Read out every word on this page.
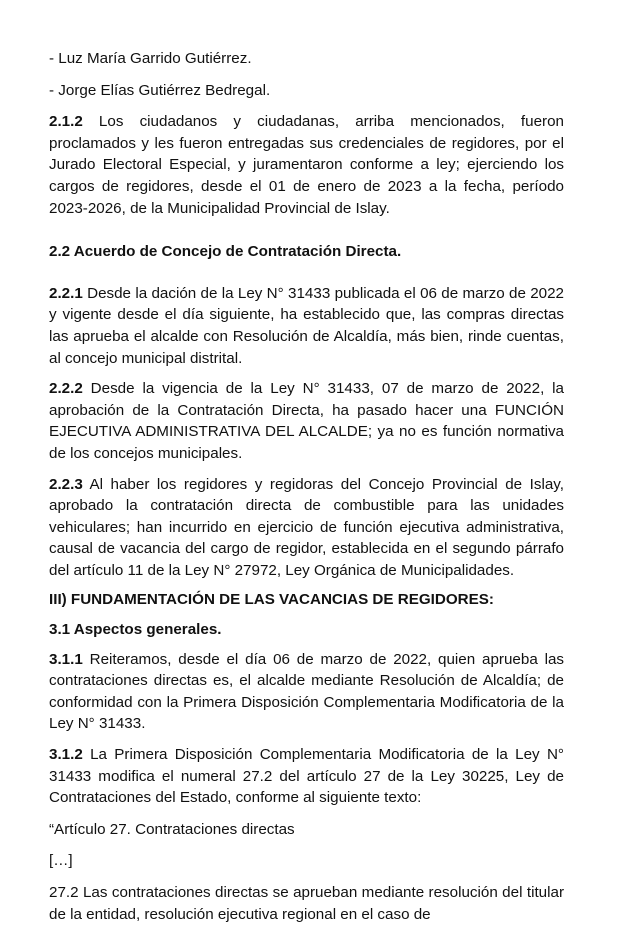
- Luz María Garrido Gutiérrez.

- Jorge Elías Gutiérrez Bedregal.

2.1.2 Los ciudadanos y ciudadanas, arriba mencionados, fueron proclamados y les fueron entregadas sus credenciales de regidores, por el Jurado Electoral Especial, y juramentaron conforme a ley; ejerciendo los cargos de regidores, desde el 01 de enero de 2023 a la fecha, período 2023-2026, de la Municipalidad Provincial de Islay.

2.2 Acuerdo de Concejo de Contratación Directa.

2.2.1 Desde la dación de la Ley N° 31433 publicada el 06 de marzo de 2022 y vigente desde el día siguiente, ha establecido que, las compras directas las aprueba el alcalde con Resolución de Alcaldía, más bien, rinde cuentas, al concejo municipal distrital.

2.2.2 Desde la vigencia de la Ley N° 31433, 07 de marzo de 2022, la aprobación de la Contratación Directa, ha pasado hacer una FUNCIÓN EJECUTIVA ADMINISTRATIVA DEL ALCALDE; ya no es función normativa de los concejos municipales.

2.2.3 Al haber los regidores y regidoras del Concejo Provincial de Islay, aprobado la contratación directa de combustible para las unidades vehiculares; han incurrido en ejercicio de función ejecutiva administrativa, causal de vacancia del cargo de regidor, establecida en el segundo párrafo del artículo 11 de la Ley N° 27972, Ley Orgánica de Municipalidades.

III) FUNDAMENTACIÓN DE LAS VACANCIAS DE REGIDORES:

3.1 Aspectos generales.

3.1.1 Reiteramos, desde el día 06 de marzo de 2022, quien aprueba las contrataciones directas es, el alcalde mediante Resolución de Alcaldía; de conformidad con la Primera Disposición Complementaria Modificatoria de la Ley N° 31433.

3.1.2 La Primera Disposición Complementaria Modificatoria de la Ley N° 31433 modifica el numeral 27.2 del artículo 27 de la Ley 30225, Ley de Contrataciones del Estado, conforme al siguiente texto:

“Artículo 27. Contrataciones directas

[…]

27.2 Las contrataciones directas se aprueban mediante resolución del titular de la entidad, resolución ejecutiva regional en el caso de
